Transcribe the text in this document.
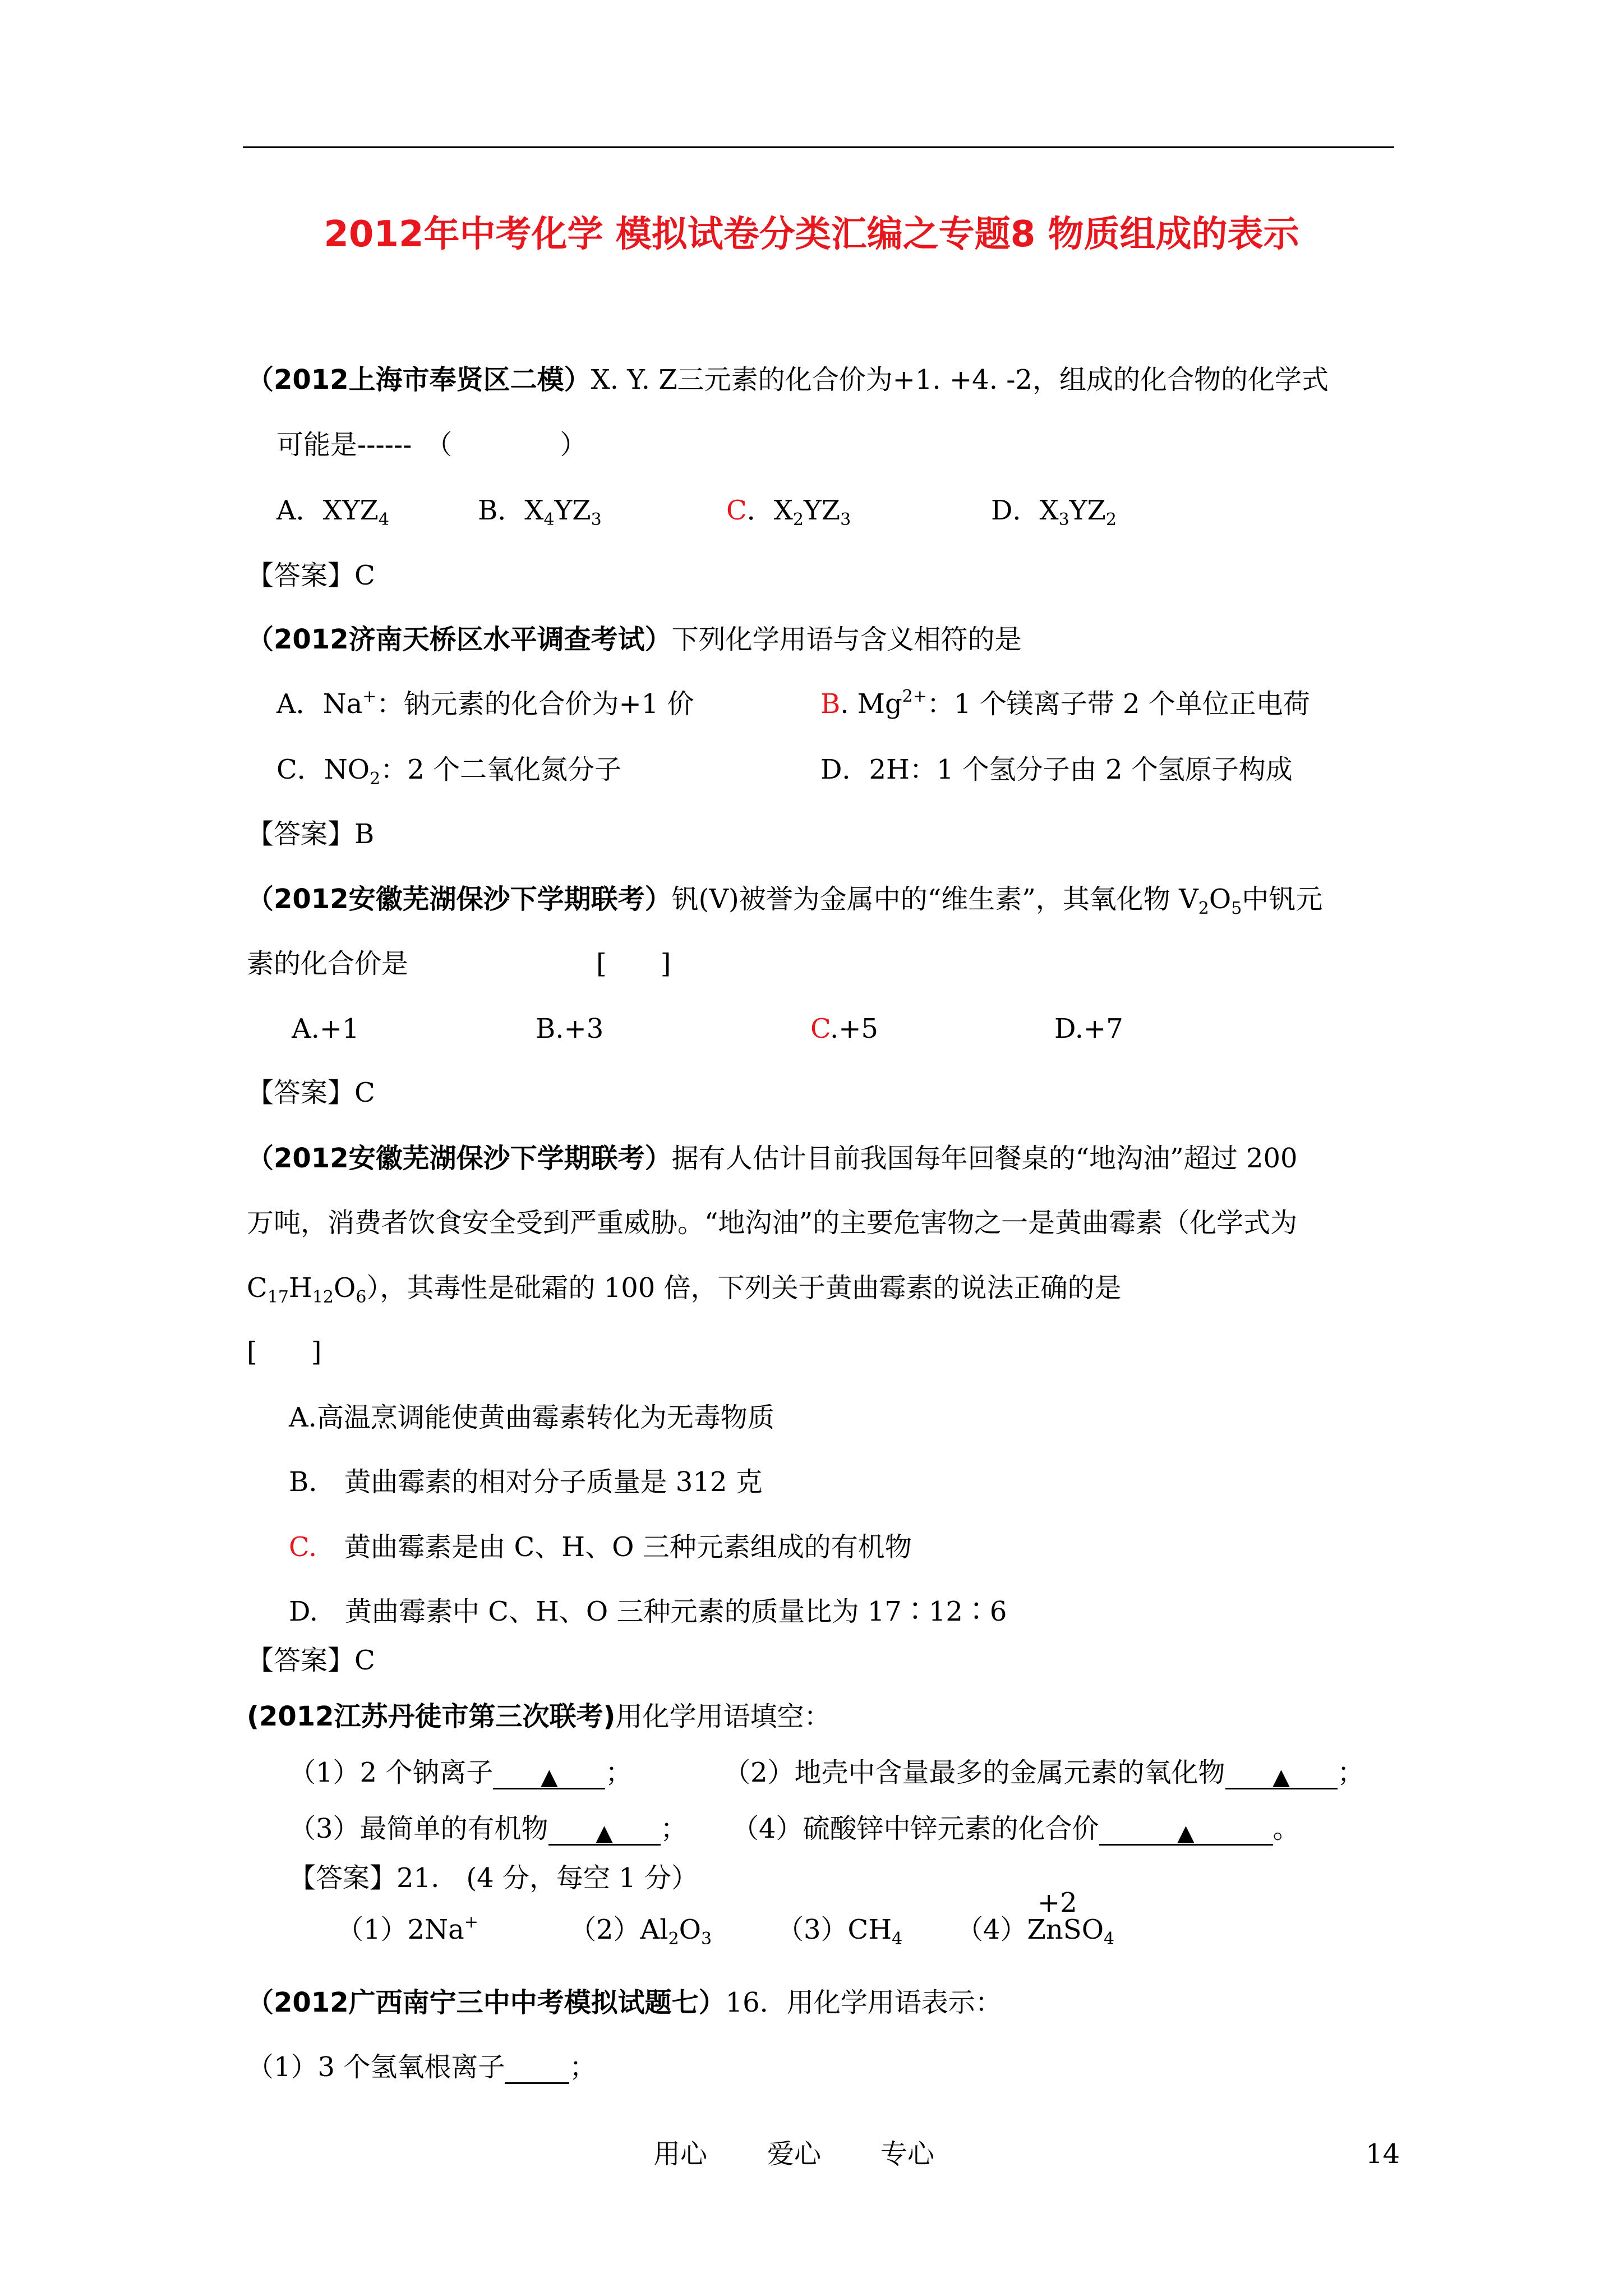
2012年中考化学 模拟试卷分类汇编之专题8 物质组成的表示
（2012上海市奉贤区二模）X. Y. Z三元素的化合价为+1. +4. -2，组成的化合物的化学式
可能是------　（　　　　）
A．$XYZ_4$	B．$X_4YZ_3$	C．$X_2YZ_3$	D．$X_3YZ_2$
【答案】C
（2012济南天桥区水平调查考试）下列化学用语与含义相符的是
A．Na+：钠元素的化合价为+1 价	B. $Mg^{2+}$：1 个镁离子带 2 个单位正电荷
C．$NO_2$：2 个二氧化氮分子	D．2H：1 个氢分子由 2 个氢原子构成
【答案】B
（2012安徽芜湖保沙下学期联考）钒(V)被誉为金属中的“维生素”，其氧化物 $V_2O_5$中钒元
素的化合价是	[　　]
A.+1	B.+3	C.+5	D.+7
【答案】C
（2012安徽芜湖保沙下学期联考）据有人估计目前我国每年回餐桌的“地沟油”超过 200
万吨，消费者饮食安全受到严重威胁。“地沟油”的主要危害物之一是黄曲霉素（化学式为
$C_{17}H_{12}O_6$），其毒性是砒霜的 100 倍，下列关于黄曲霉素的说法正确的是
[　　]
A.高温烹调能使黄曲霉素转化为无毒物质
B.　黄曲霉素的相对分子质量是 312 克
C.　黄曲霉素是由 C、H、O 三种元素组成的有机物
D.　黄曲霉素中 C、H、O 三种元素的质量比为 17∶12∶6
【答案】C
(2012江苏丹徒市第三次联考)用化学用语填空：
（1）2 个钠离子 ▲ ；	（2）地壳中含量最多的金属元素的氧化物 ▲ ；
（3）最简单的有机物 ▲ ； （4）硫酸锌中锌元素的化合价	▲	。
【答案】21.　(4 分，每空 1 分）
+2
（1）2Na+	$(2)Al_2O_3$ $(3)CH_4$ （4）ZnSO$_4$
（2012广西南宁三中中考模拟试题七）16．用化学用语表示：
（1）3 个氢氧根离子 ；
用心 爱心 专心	14
